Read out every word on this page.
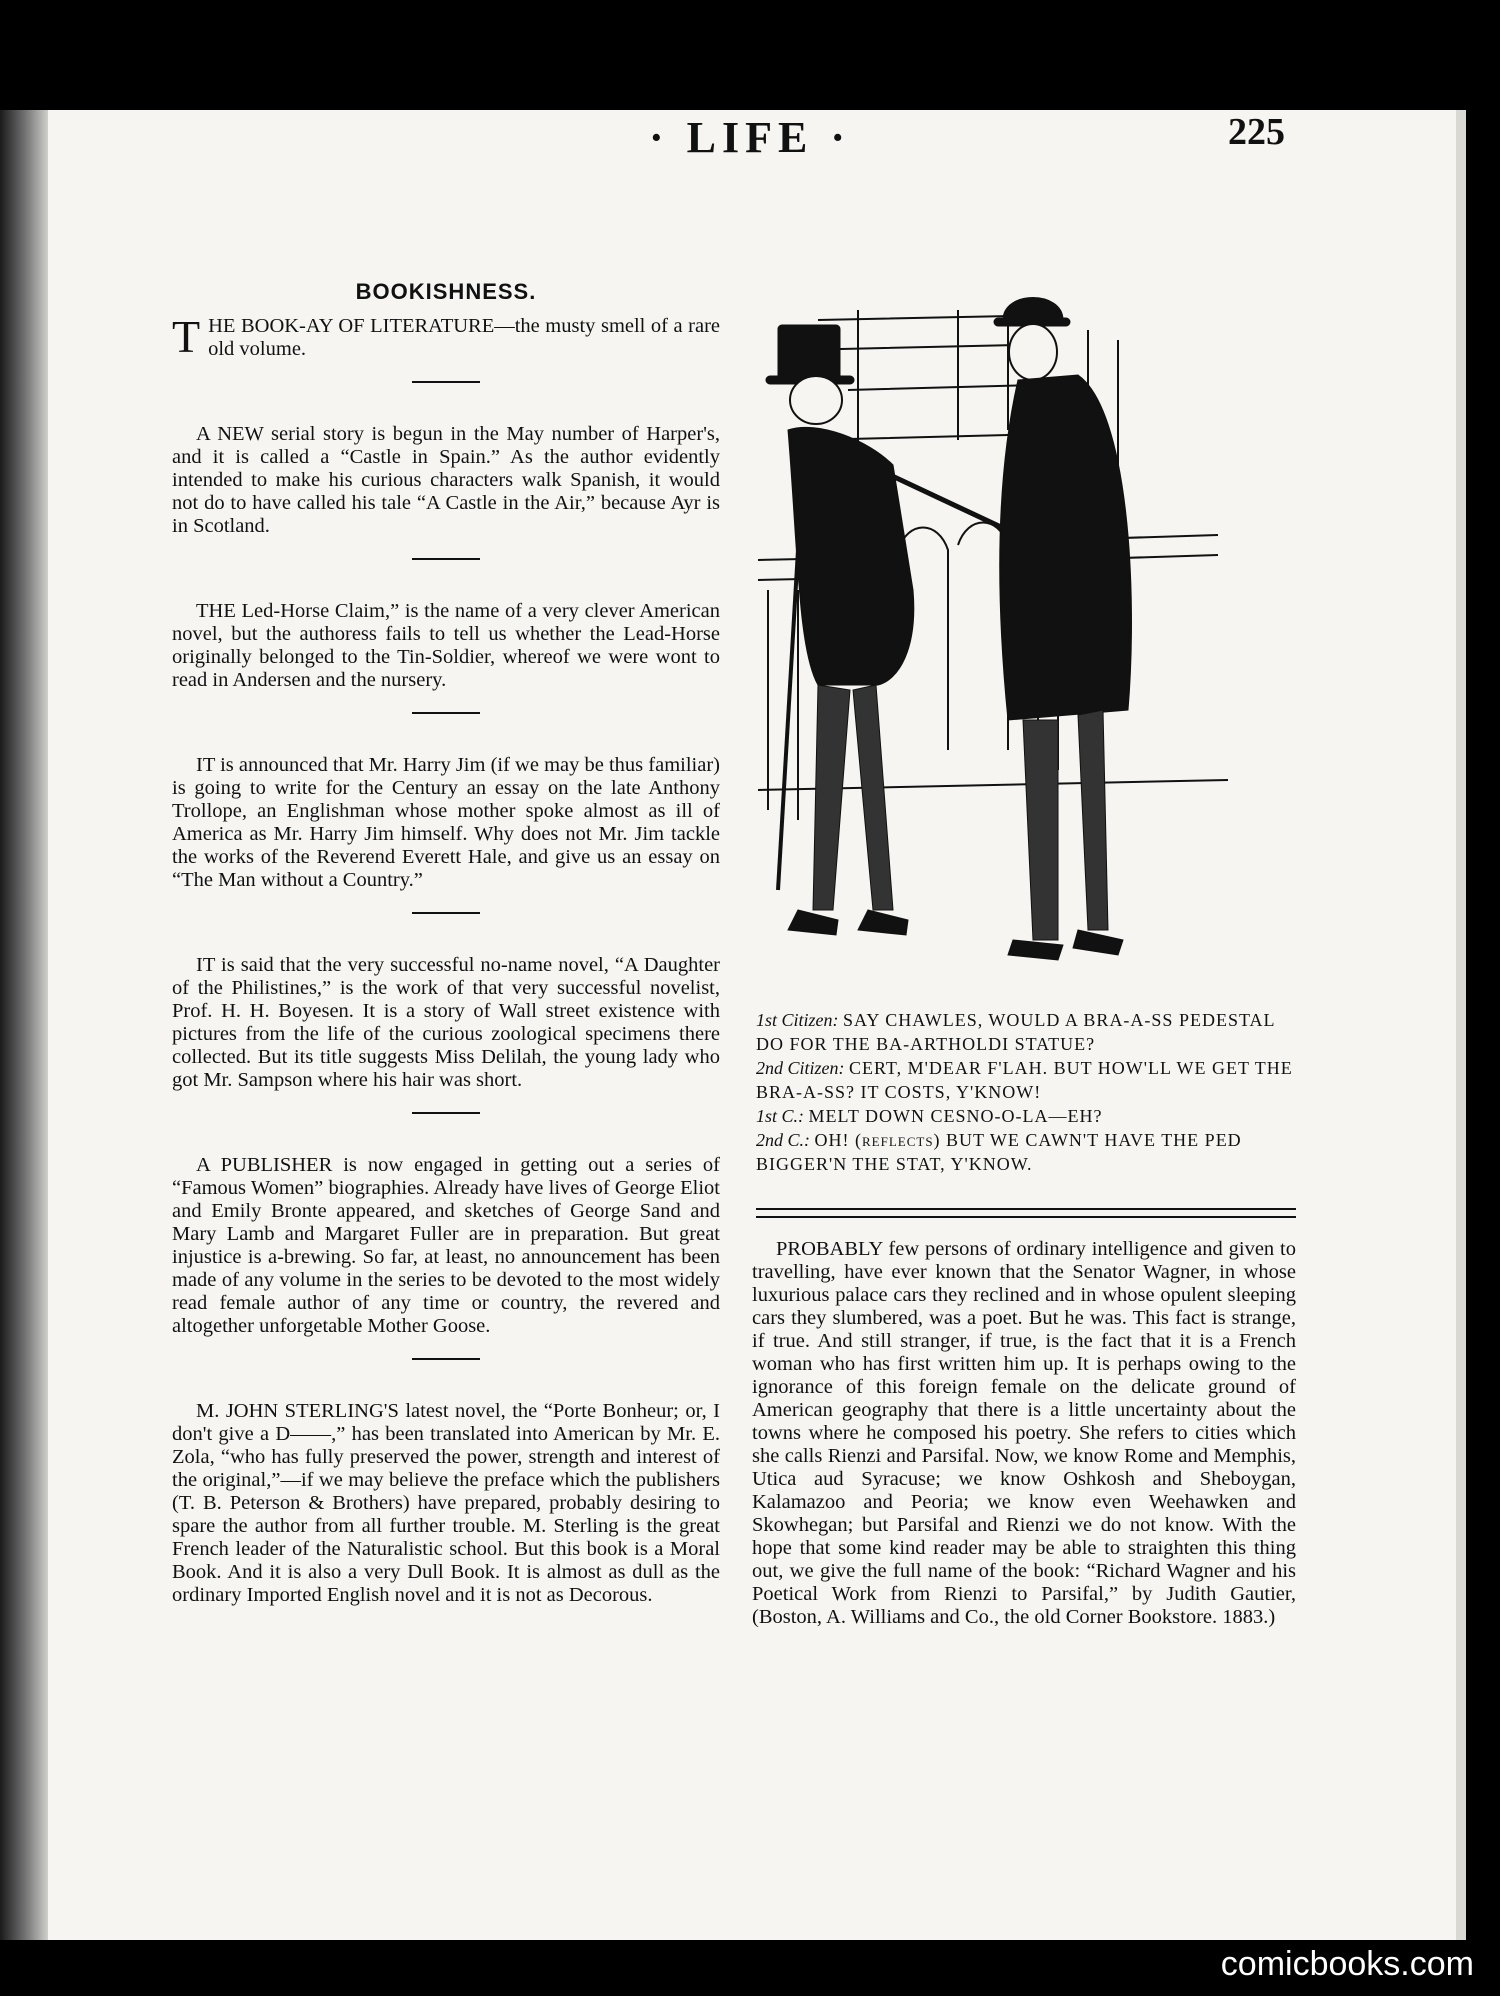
· LIFE ·	225
BOOKISHNESS.

THE BOOK-AY OF LITERATURE—the musty smell of a rare old volume.

A NEW serial story is begun in the May number of Harper's, and it is called a “Castle in Spain.” As the author evidently intended to make his curious characters walk Spanish, it would not do to have called his tale “A Castle in the Air,” because Ayr is in Scotland.

THE Led-Horse Claim,” is the name of a very clever American novel, but the authoress fails to tell us whether the Lead-Horse originally belonged to the Tin-Soldier, whereof we were wont to read in Andersen and the nursery.

IT is announced that Mr. Harry Jim (if we may be thus familiar) is going to write for the Century an essay on the late Anthony Trollope, an Englishman whose mother spoke almost as ill of America as Mr. Harry Jim himself. Why does not Mr. Jim tackle the works of the Reverend Everett Hale, and give us an essay on “The Man without a Country.”

IT is said that the very successful no-name novel, “A Daughter of the Philistines,” is the work of that very successful novelist, Prof. H. H. Boyesen. It is a story of Wall street existence with pictures from the life of the curious zoological specimens there collected. But its title suggests Miss Delilah, the young lady who got Mr. Sampson where his hair was short.

A PUBLISHER is now engaged in getting out a series of “Famous Women” biographies. Already have lives of George Eliot and Emily Bronte appeared, and sketches of George Sand and Mary Lamb and Margaret Fuller are in preparation. But great injustice is a-brewing. So far, at least, no announcement has been made of any volume in the series to be devoted to the most widely read female author of any time or country, the revered and altogether unforgetable Mother Goose.

M. JOHN STERLING'S latest novel, the “Porte Bonheur; or, I don't give a D——,” has been translated into American by Mr. E. Zola, “who has fully preserved the power, strength and interest of the original,”—if we may believe the preface which the publishers (T. B. Peterson & Brothers) have prepared, probably desiring to spare the author from all further trouble. M. Sterling is the great French leader of the Naturalistic school. But this book is a Moral Book. And it is also a very Dull Book. It is almost as dull as the ordinary Imported English novel and it is not as Decorous.

1st Citizen: SAY CHAWLES, WOULD A BRA-A-SS PEDESTAL DO FOR THE BA-ARTHOLDI STATUE?

2nd Citizen: CERT, M'DEAR F'LAH. BUT HOW'LL WE GET THE BRA-A-SS? IT COSTS, Y'KNOW!

1st C.: MELT DOWN CESNO-O-LA—EH?

2nd C.: OH! (reflects) BUT WE CAWN'T HAVE THE PED BIGGER'N THE STAT, Y'KNOW.

PROBABLY few persons of ordinary intelligence and given to travelling, have ever known that the Senator Wagner, in whose luxurious palace cars they reclined and in whose opulent sleeping cars they slumbered, was a poet. But he was. This fact is strange, if true. And still stranger, if true, is the fact that it is a French woman who has first written him up. It is perhaps owing to the ignorance of this foreign female on the delicate ground of American geography that there is a little uncertainty about the towns where he composed his poetry. She refers to cities which she calls Rienzi and Parsifal. Now, we know Rome and Memphis, Utica aud Syracuse; we know Oshkosh and Sheboygan, Kalamazoo and Peoria; we know even Weehawken and Skowhegan; but Parsifal and Rienzi we do not know. With the hope that some kind reader may be able to straighten this thing out, we give the full name of the book: “Richard Wagner and his Poetical Work from Rienzi to Parsifal,” by Judith Gautier, (Boston, A. Williams and Co., the old Corner Bookstore. 1883.)

comicbooks.com
